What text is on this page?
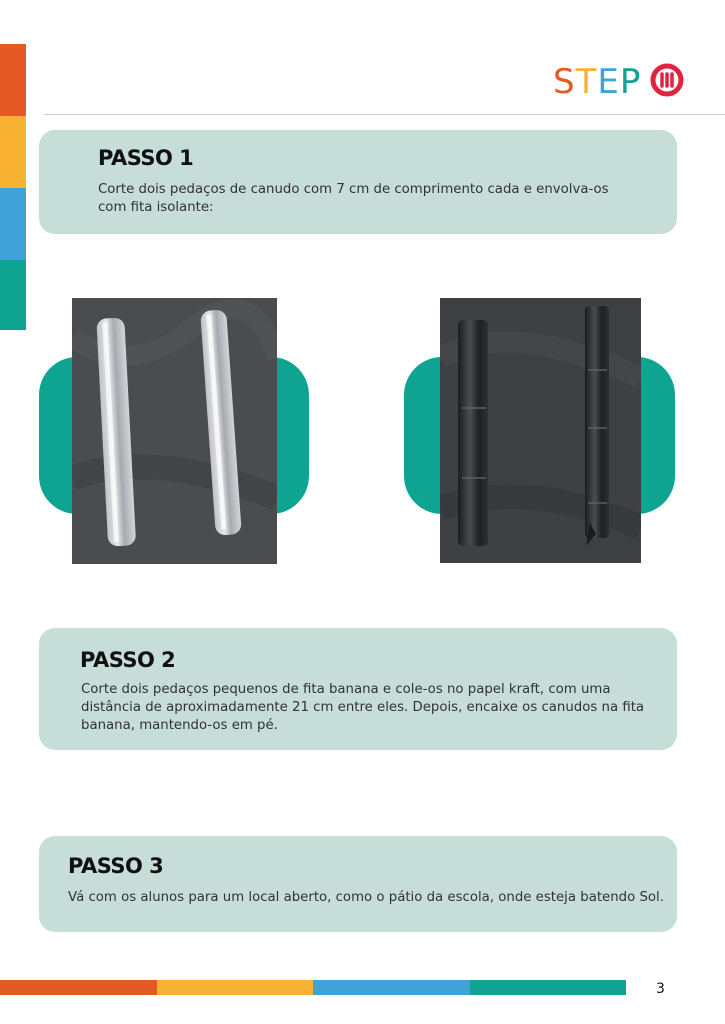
STEP
PASSO 1
Corte dois pedaços de canudo com 7 cm de comprimento cada e envolva-os
com fita isolante:
PASSO 2
Corte dois pedaços pequenos de fita banana e cole-os no papel kraft, com uma
distância de aproximadamente 21 cm entre eles. Depois, encaixe os canudos na fita
banana, mantendo-os em pé.
PASSO 3
Vá com os alunos para um local aberto, como o pátio da escola, onde esteja batendo Sol.
3
